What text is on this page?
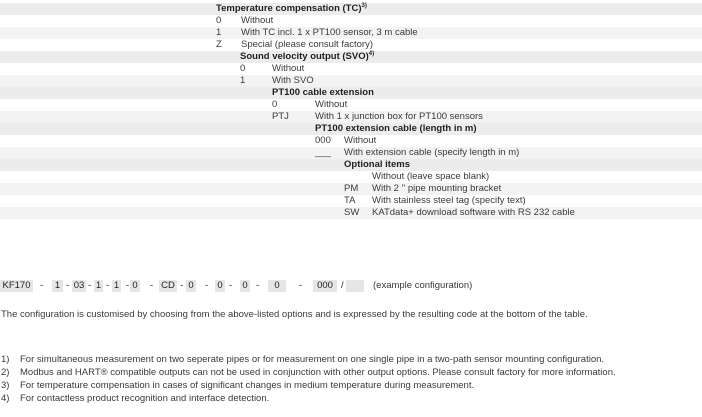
Temperature compensation (TC)$^{3)}$
0 Without
1 With TC incl. 1 x PT100 sensor, 3 m cable
Z Special (please consult factory)
Sound velocity output (SVO)$^{4)}$
0	Without
1	With SVO
PT100 cable extension
0	Without
PTJ	With 1 x junction box for PT100 sensors
PT100 extension cable (length in m)
000 Without
___ With extension cable (specify length in m)
Optional items
Without (leave space blank)
PM With 2 '' pipe mounting bracket
TA With stainless steel tag (specify text)
SW KATdata+ download software with RS 232 cable
KF170 - 1 - 03 - 1 - 1 - 0 - CD - 0 - 0 - 0 -	0	-	000 /	(example configuration)
The configuration is customised by choosing from the above-listed options and is expressed by the resulting code at the bottom of the table.
1) For simultaneous measurement on two seperate pipes or for measurement on one single pipe in a two-path sensor mounting configuration.
2) Modbus and HART® compatible outputs can not be used in conjunction with other output options. Please consult factory for more information.
3) For temperature compensation in cases of significant changes in medium temperature during measurement.
4) For contactless product recognition and interface detection.
